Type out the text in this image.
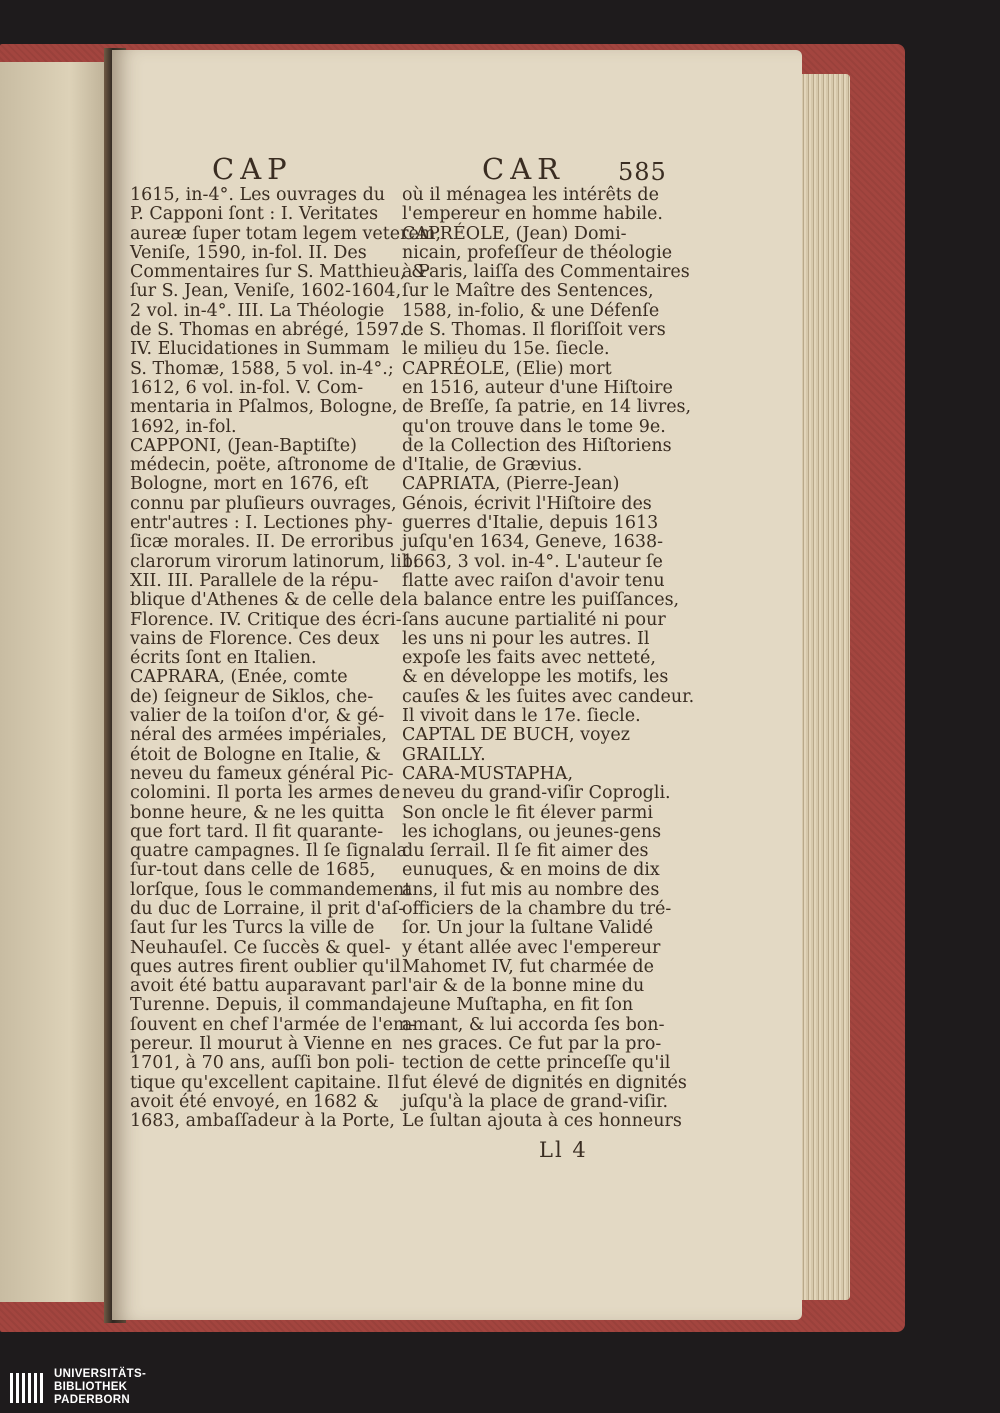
CAP	CAR 585
1615, in-4°. Les ouvrages du
P. Capponi ſont : I. Veritates
aureæ ſuper totam legem veterem,
Veniſe, 1590, in-fol. II. Des
Commentaires ſur S. Matthieu, &
ſur S. Jean, Veniſe, 1602-1604,
2 vol. in-4°. III. La Théologie
de S. Thomas en abrégé, 1597.
IV. Elucidationes in Summam
S. Thomæ, 1588, 5 vol. in-4°.;
1612, 6 vol. in-fol. V. Com-
mentaria in Pſalmos, Bologne,
1692, in-fol.
CAPPONI, (Jean-Baptiſte)
médecin, poëte, aſtronome de
Bologne, mort en 1676, eſt
connu par pluſieurs ouvrages,
entr'autres : I. Lectiones phy-
ſicæ morales. II. De erroribus
clarorum virorum latinorum, lib.
XII. III. Parallele de la répu-
blique d'Athenes & de celle de
Florence. IV. Critique des écri-
vains de Florence. Ces deux
écrits ſont en Italien.
CAPRARA, (Enée, comte
de) ſeigneur de Siklos, che-
valier de la toiſon d'or, & gé-
néral des armées impériales,
étoit de Bologne en Italie, &
neveu du fameux général Pic-
colomini. Il porta les armes de
bonne heure, & ne les quitta
que fort tard. Il fit quarante-
quatre campagnes. Il ſe ſignala
ſur-tout dans celle de 1685,
lorſque, ſous le commandement
du duc de Lorraine, il prit d'aſ-
ſaut ſur les Turcs la ville de
Neuhauſel. Ce ſuccès & quel-
ques autres firent oublier qu'il
avoit été battu auparavant par
Turenne. Depuis, il commanda
ſouvent en chef l'armée de l'em-
pereur. Il mourut à Vienne en
1701, à 70 ans, auſſi bon poli-
tique qu'excellent capitaine. Il
avoit été envoyé, en 1682 &
1683, ambaſſadeur à la Porte,
où il ménagea les intérêts de
l'empereur en homme habile.
CAPRÉOLE, (Jean) Domi-
nicain, profeſſeur de théologie
à Paris, laiſſa des Commentaires
ſur le Maître des Sentences,
1588, in-folio, & une Défenſe
de S. Thomas. Il floriſſoit vers
le milieu du 15e. ſiecle.
CAPRÉOLE, (Elie) mort
en 1516, auteur d'une Hiſtoire
de Breſſe, ſa patrie, en 14 livres,
qu'on trouve dans le tome 9e.
de la Collection des Hiſtoriens
d'Italie, de Grævius.
CAPRIATA, (Pierre-Jean)
Génois, écrivit l'Hiſtoire des
guerres d'Italie, depuis 1613
juſqu'en 1634, Geneve, 1638-
1663, 3 vol. in-4°. L'auteur ſe
flatte avec raiſon d'avoir tenu
la balance entre les puiſſances,
ſans aucune partialité ni pour
les uns ni pour les autres. Il
expoſe les faits avec netteté,
& en développe les motifs, les
cauſes & les ſuites avec candeur.
Il vivoit dans le 17e. ſiecle.
CAPTAL DE BUCH, voyez
GRAILLY.
CARA-MUSTAPHA,
neveu du grand-viſir Coprogli.
Son oncle le fit élever parmi
les ichoglans, ou jeunes-gens
du ſerrail. Il ſe fit aimer des
eunuques, & en moins de dix
ans, il fut mis au nombre des
officiers de la chambre du tré-
ſor. Un jour la ſultane Validé
y étant allée avec l'empereur
Mahomet IV, fut charmée de
l'air & de la bonne mine du
jeune Muſtapha, en fit ſon
amant, & lui accorda ſes bon-
nes graces. Ce fut par la pro-
tection de cette princeſſe qu'il
fut élevé de dignités en dignités
juſqu'à la place de grand-viſir.
Le ſultan ajouta à ces honneurs
Ll 4
UNIVERSITÄTS-
BIBLIOTHEK
PADERBORN
